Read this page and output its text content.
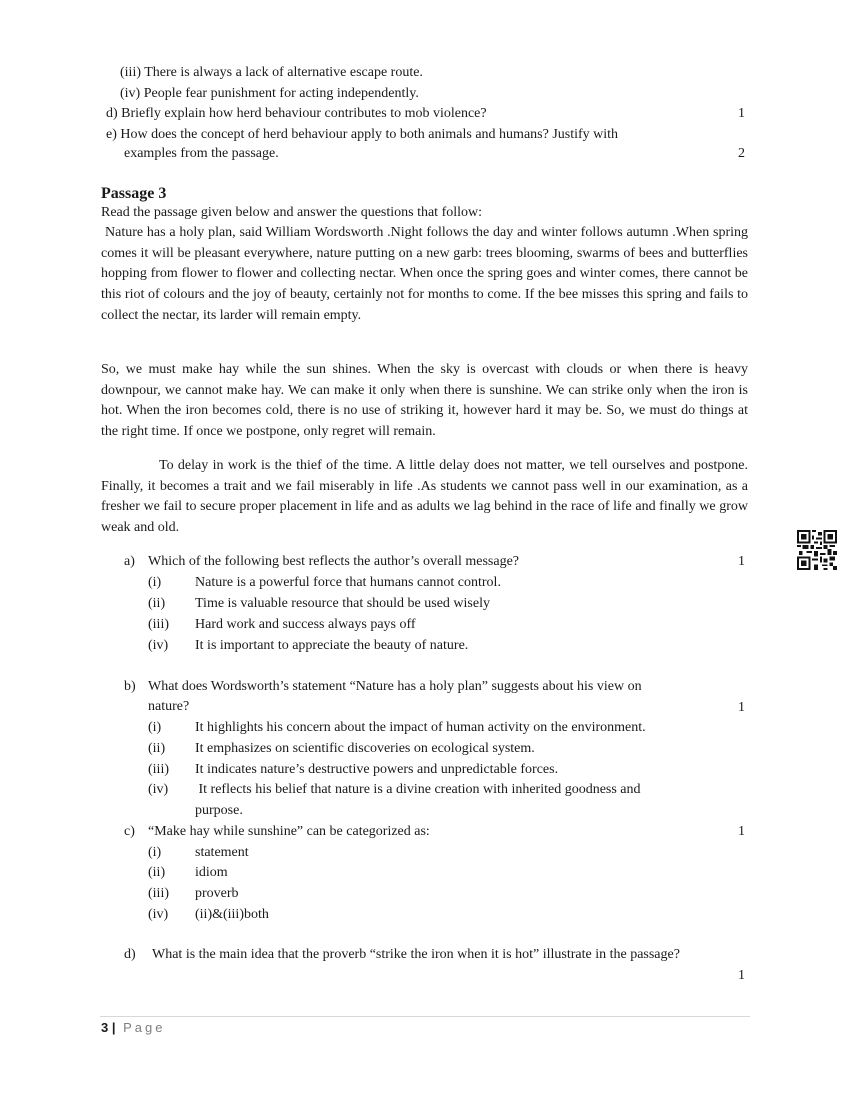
(iii) There is always a lack of alternative escape route.
(iv) People fear punishment for acting independently.
d) Briefly explain how herd behaviour contributes to mob violence?	1
e) How does the concept of herd behaviour apply to both animals and humans? Justify with
examples from the passage.	2
Passage 3
Read the passage given below and answer the questions that follow:

Nature has a holy plan, said William Wordsworth .Night follows the day and winter follows autumn .When spring comes it will be pleasant everywhere, nature putting on a new garb: trees blooming, swarms of bees and butterflies hopping from flower to flower and collecting nectar. When once the spring goes and winter comes, there cannot be this riot of colours and the joy of beauty, certainly not for months to come. If the bee misses this spring and fails to collect the nectar, its larder will remain empty.

So, we must make hay while the sun shines. When the sky is overcast with clouds or when there is heavy downpour, we cannot make hay. We can make it only when there is sunshine. We can strike only when the iron is hot. When the iron becomes cold, there is no use of striking it, however hard it may be. So, we must do things at the right time. If once we postpone, only regret will remain.

To delay in work is the thief of the time. A little delay does not matter, we tell ourselves and postpone. Finally, it becomes a trait and we fail miserably in life .As students we cannot pass well in our examination, as a fresher we fail to secure proper placement in life and as adults we lag behind in the race of life and finally we grow weak and old.

a) Which of the following best reflects the author’s overall message?	1
(i) Nature is a powerful force that humans cannot control.
(ii) Time is valuable resource that should be used wisely
(iii) Hard work and success always pays off
(iv) It is important to appreciate the beauty of nature.
b) What does Wordsworth’s statement “Nature has a holy plan” suggests about his view on
nature?	1
(i) It highlights his concern about the impact of human activity on the environment.
(ii) It emphasizes on scientific discoveries on ecological system.
(iii) It indicates nature’s destructive powers and unpredictable forces.
(iv) It reflects his belief that nature is a divine creation with inherited goodness and
purpose.
c) “Make hay while sunshine” can be categorized as:	1
(i) statement
(ii) idiom
(iii) proverb
(iv) (ii)&(iii)both
d) What is the main idea that the proverb “strike the iron when it is hot” illustrate in the passage?
1
3 | Page
